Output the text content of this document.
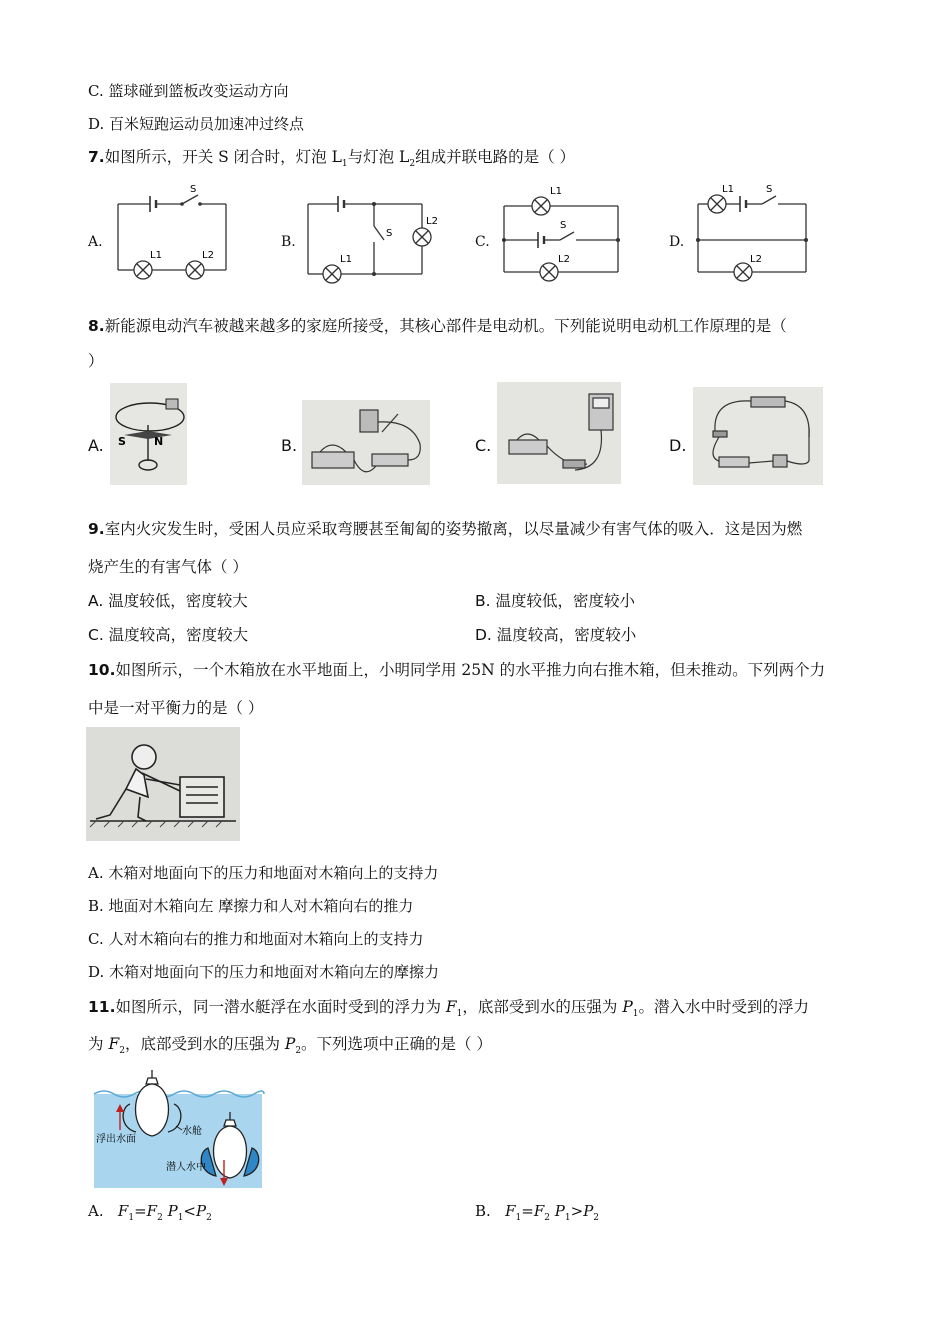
C. 篮球碰到篮板改变运动方向
D. 百米短跑运动员加速冲过终点
7.如图所示，开关 S 闭合时，灯泡 $L_1$与灯泡 $L_2$组成并联电路的是（ ）
A.	B.	C.	D.
S
L1	L2
S
L1
L2	S
L1
L2
S
L1
L2
8.新能源电动汽车被越来越多的家庭所接受，其核心部件是电动机。下列能说明电动机工作原理的是（
）
A.	B.	C.	D.
S	N
9.室内火灾发生时，受困人员应采取弯腰甚至匍匐的姿势撤离，以尽量减少有害气体的吸入．这是因为燃
烧产生的有害气体（ ）
A. 温度较低，密度较大	B. 温度较低，密度较小
C. 温度较高，密度较大	D. 温度较高，密度较小
10.如图所示，一个木箱放在水平地面上，小明同学用 25N 的水平推力向右推木箱，但未推动。下列两个力
中是一对平衡力的是（ ）
A. 木箱对地面向下的压力和地面对木箱向上的支持力
B. 地面对木箱向左 摩擦力和人对木箱向右的推力
C. 人对木箱向右的推力和地面对木箱向上的支持力
D. 木箱对地面向下的压力和地面对木箱向左的摩擦力
11.如图所示，同一潜水艇浮在水面时受到的浮力为 $F_1$，底部受到水的压强为 $P_1$。潜入水中时受到的浮力
为 $F_2$，底部受到水的压强为 $P_2$。下列选项中正确的是（ ）
浮出水面
水舱
潜人水中
A. $F_1=F_2$ $P_1<P_2$	B. $F_1=F_2$ $P_1>P_2$
